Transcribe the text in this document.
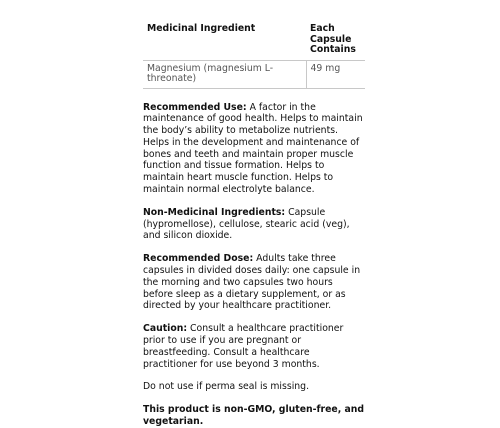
Medicinal Ingredient	Each Capsule Contains
Magnesium (magnesium L-threonate)	49 mg

Recommended Use: A factor in the maintenance of good health. Helps to maintain the body’s ability to metabolize nutrients. Helps in the development and maintenance of bones and teeth and maintain proper muscle function and tissue formation. Helps to maintain heart muscle function. Helps to maintain normal electrolyte balance.

Non-Medicinal Ingredients: Capsule (hypromellose), cellulose, stearic acid (veg), and silicon dioxide.

Recommended Dose: Adults take three capsules in divided doses daily: one capsule in the morning and two capsules two hours before sleep as a dietary supplement, or as directed by your healthcare practitioner.

Caution: Consult a healthcare practitioner prior to use if you are pregnant or breastfeeding. Consult a healthcare practitioner for use beyond 3 months.

Do not use if perma seal is missing.

This product is non-GMO, gluten-free, and vegetarian.
